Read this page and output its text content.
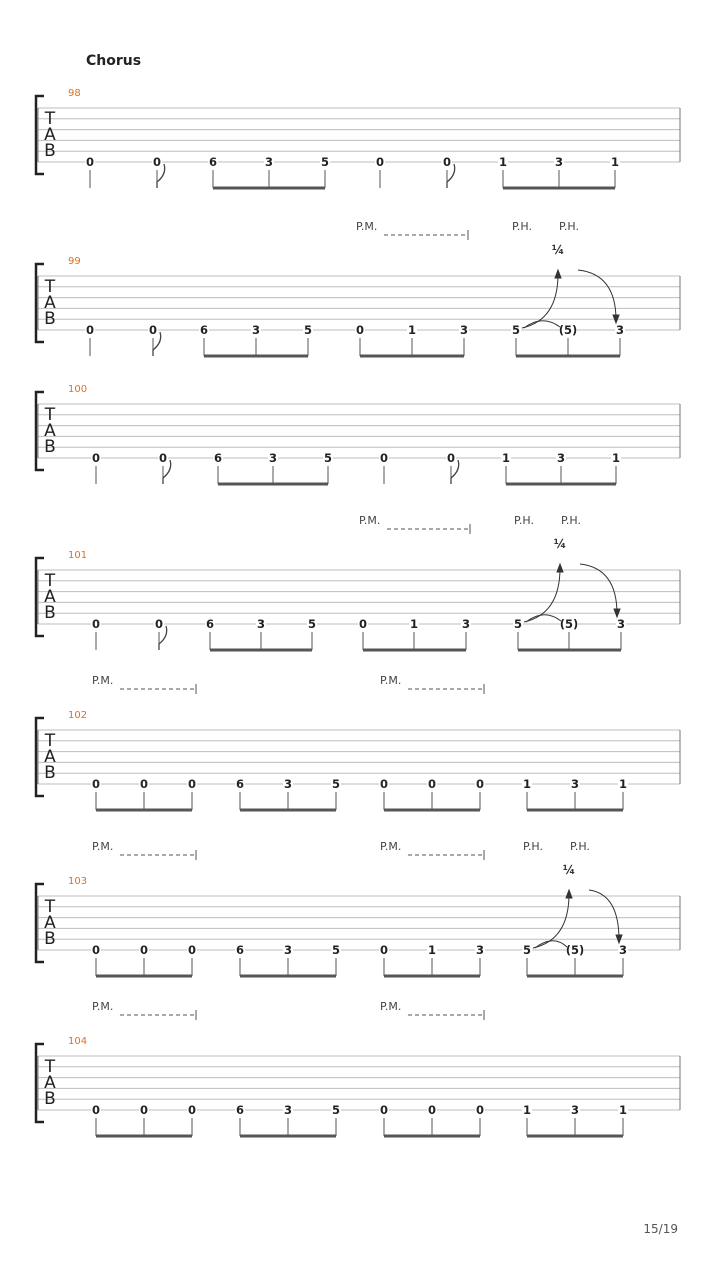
Chorus
T
A
B
98
0	0	6	3	5	0	0	1	3	1
T
A
B
99
0	0	6	3	5	0	1	3	5	(5)	3
P.M.	P.H. P.H.
¼
T
A
B
100
0	0	6	3	5	0	0	1	3	1
T
A
B
101
0	0	6	3	5	0	1	3	5	(5)	3
P.M.	P.H. P.H.
¼
T
A
B
102
0	0	0	6	3	5	0	0	0	1	3	1
P.M.	P.M.
T
A
B
103
0	0	0	6	3	5	0	1	3	5	(5)	3
P.M.	P.M.	P.H. P.H.
¼
T
A
B
104
0	0	0	6	3	5	0	0	0	1	3	1
P.M.	P.M.
15/19
